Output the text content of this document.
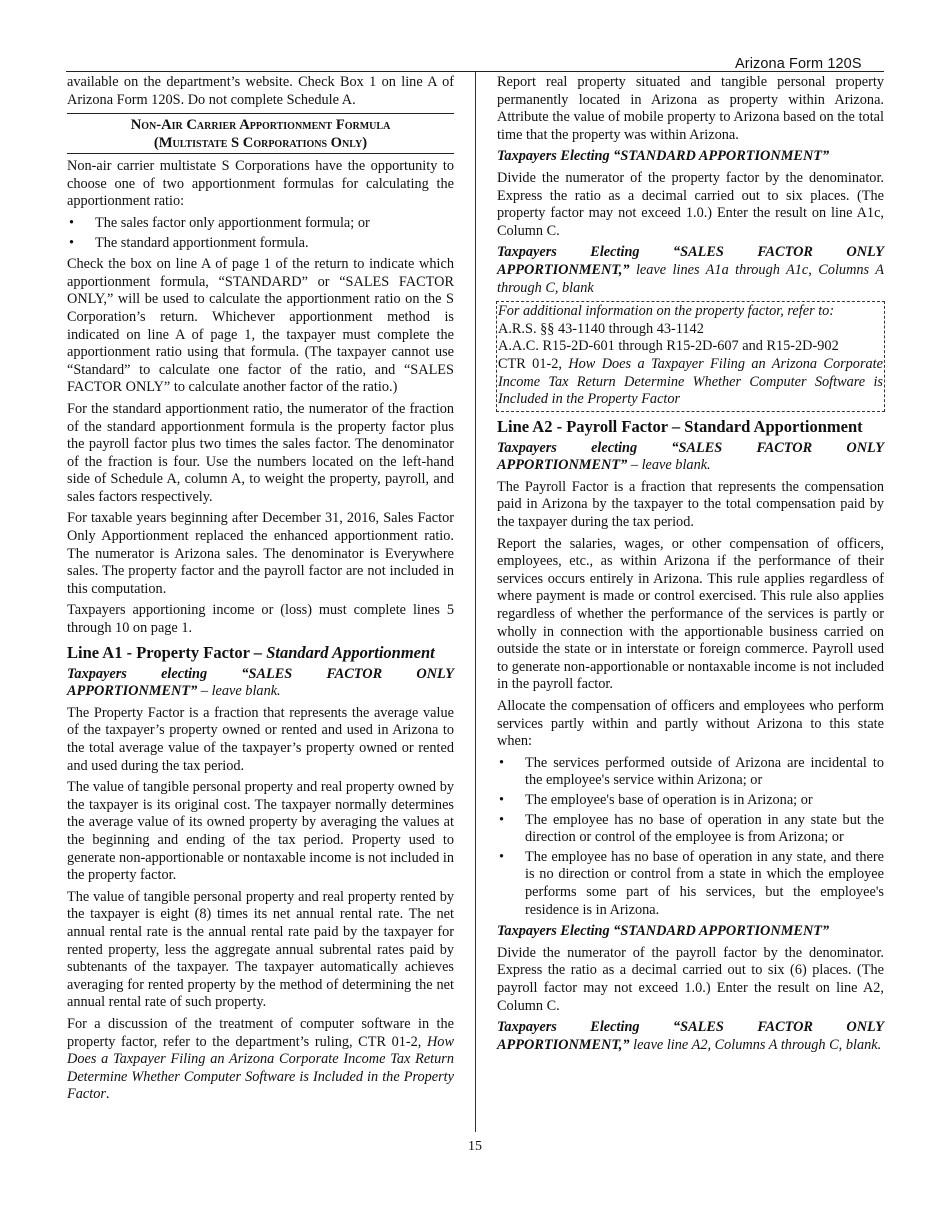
Arizona Form 120S

available on the department’s website. Check Box 1 on line A of Arizona Form 120S. Do not complete Schedule A.

Non-Air Carrier Apportionment Formula
(Multistate S Corporations Only)

Non-air carrier multistate S Corporations have the opportunity to choose one of two apportionment formulas for calculating the apportionment ratio:

• The sales factor only apportionment formula; or
• The standard apportionment formula.

Check the box on line A of page 1 of the return to indicate which apportionment formula, “STANDARD” or “SALES FACTOR ONLY,” will be used to calculate the apportionment ratio on the S Corporation’s return. Whichever apportionment method is indicated on line A of page 1, the taxpayer must complete the apportionment ratio using that formula. (The taxpayer cannot use “Standard” to calculate one factor of the ratio, and “SALES FACTOR ONLY” to calculate another factor of the ratio.)

For the standard apportionment ratio, the numerator of the fraction of the standard apportionment formula is the property factor plus the payroll factor plus two times the sales factor. The denominator of the fraction is four. Use the numbers located on the left-hand side of Schedule A, column A, to weight the property, payroll, and sales factors respectively.

For taxable years beginning after December 31, 2016, Sales Factor Only Apportionment replaced the enhanced apportionment ratio. The numerator is Arizona sales. The denominator is Everywhere sales. The property factor and the payroll factor are not included in this computation.

Taxpayers apportioning income or (loss) must complete lines 5 through 10 on page 1.

Line A1 - Property Factor – Standard Apportionment

Taxpayers electing “SALES FACTOR ONLY APPORTIONMENT” – leave blank.

The Property Factor is a fraction that represents the average value of the taxpayer’s property owned or rented and used in Arizona to the total average value of the taxpayer’s property owned or rented and used during the tax period.

The value of tangible personal property and real property owned by the taxpayer is its original cost. The taxpayer normally determines the average value of its owned property by averaging the values at the beginning and ending of the tax period. Property used to generate non-apportionable or nontaxable income is not included in the property factor.

The value of tangible personal property and real property rented by the taxpayer is eight (8) times its net annual rental rate. The net annual rental rate is the annual rental rate paid by the taxpayer for rented property, less the aggregate annual subrental rates paid by subtenants of the taxpayer. The taxpayer automatically achieves averaging for rented property by the method of determining the net annual rental rate of such property.

For a discussion of the treatment of computer software in the property factor, refer to the department’s ruling, CTR 01-2, How Does a Taxpayer Filing an Arizona Corporate Income Tax Return Determine Whether Computer Software is Included in the Property Factor.

Report real property situated and tangible personal property permanently located in Arizona as property within Arizona. Attribute the value of mobile property to Arizona based on the total time that the property was within Arizona.

Taxpayers Electing “STANDARD APPORTIONMENT”

Divide the numerator of the property factor by the denominator. Express the ratio as a decimal carried out to six places. (The property factor may not exceed 1.0.) Enter the result on line A1c, Column C.

Taxpayers Electing “SALES FACTOR ONLY APPORTIONMENT,” leave lines A1a through A1c, Columns A through C, blank

For additional information on the property factor, refer to:

A.R.S. §§ 43-1140 through 43-1142

A.A.C. R15-2D-601 through R15-2D-607 and R15-2D-902

CTR 01-2, How Does a Taxpayer Filing an Arizona Corporate Income Tax Return Determine Whether Computer Software is Included in the Property Factor

Line A2 - Payroll Factor – Standard Apportionment

Taxpayers electing “SALES FACTOR ONLY APPORTIONMENT” – leave blank.

The Payroll Factor is a fraction that represents the compensation paid in Arizona by the taxpayer to the total compensation paid by the taxpayer during the tax period.

Report the salaries, wages, or other compensation of officers, employees, etc., as within Arizona if the performance of their services occurs entirely in Arizona. This rule applies regardless of where payment is made or control exercised. This rule also applies regardless of whether the performance of the services is partly or wholly in connection with the apportionable business carried on outside the state or in interstate or foreign commerce. Payroll used to generate non-apportionable or nontaxable income is not included in the payroll factor.

Allocate the compensation of officers and employees who perform services partly within and partly without Arizona to this state when:

• The services performed outside of Arizona are incidental to the employee's service within Arizona; or
• The employee's base of operation is in Arizona; or
• The employee has no base of operation in any state but the direction or control of the employee is from Arizona; or
• The employee has no base of operation in any state, and there is no direction or control from a state in which the employee performs some part of his services, but the employee's residence is in Arizona.

Taxpayers Electing “STANDARD APPORTIONMENT”

Divide the numerator of the payroll factor by the denominator. Express the ratio as a decimal carried out to six (6) places. (The payroll factor may not exceed 1.0.) Enter the result on line A2, Column C.

Taxpayers Electing “SALES FACTOR ONLY APPORTIONMENT,” leave line A2, Columns A through C, blank.

15
